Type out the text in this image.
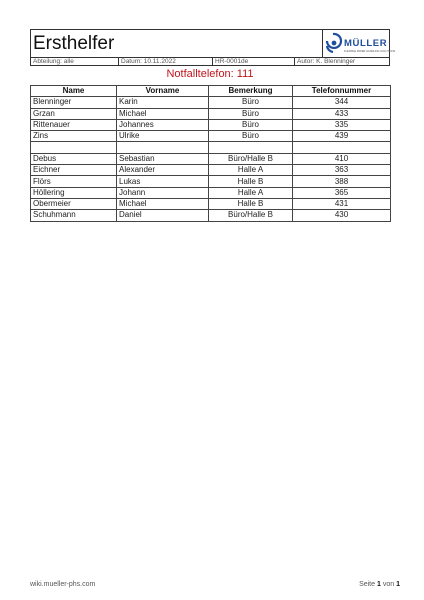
Ersthelfer	MÜLLER
FLEXIBLE PAPER HANDLING SOLUTIONS
Abteilung: alle	Datum: 10.11.2022	HR-0001de	Autor: K. Blenninger
Notfalltelefon: 111
Name	Vorname	Bemerkung	Telefonnummer
Blenninger	Karin	Büro	344
Grzan	Michael	Büro	433
Rittenauer	Johannes	Büro	335
Zins	Ulrike	Büro	439

Debus	Sebastian	Büro/Halle B	410
Eichner	Alexander	Halle A	363
Flörs	Lukas	Halle B	388
Höllering	Johann	Halle A	365
Obermeier	Michael	Halle B	431
Schuhmann	Daniel	Büro/Halle B	430
wiki.mueller-phs.com	Seite 1 von 1
